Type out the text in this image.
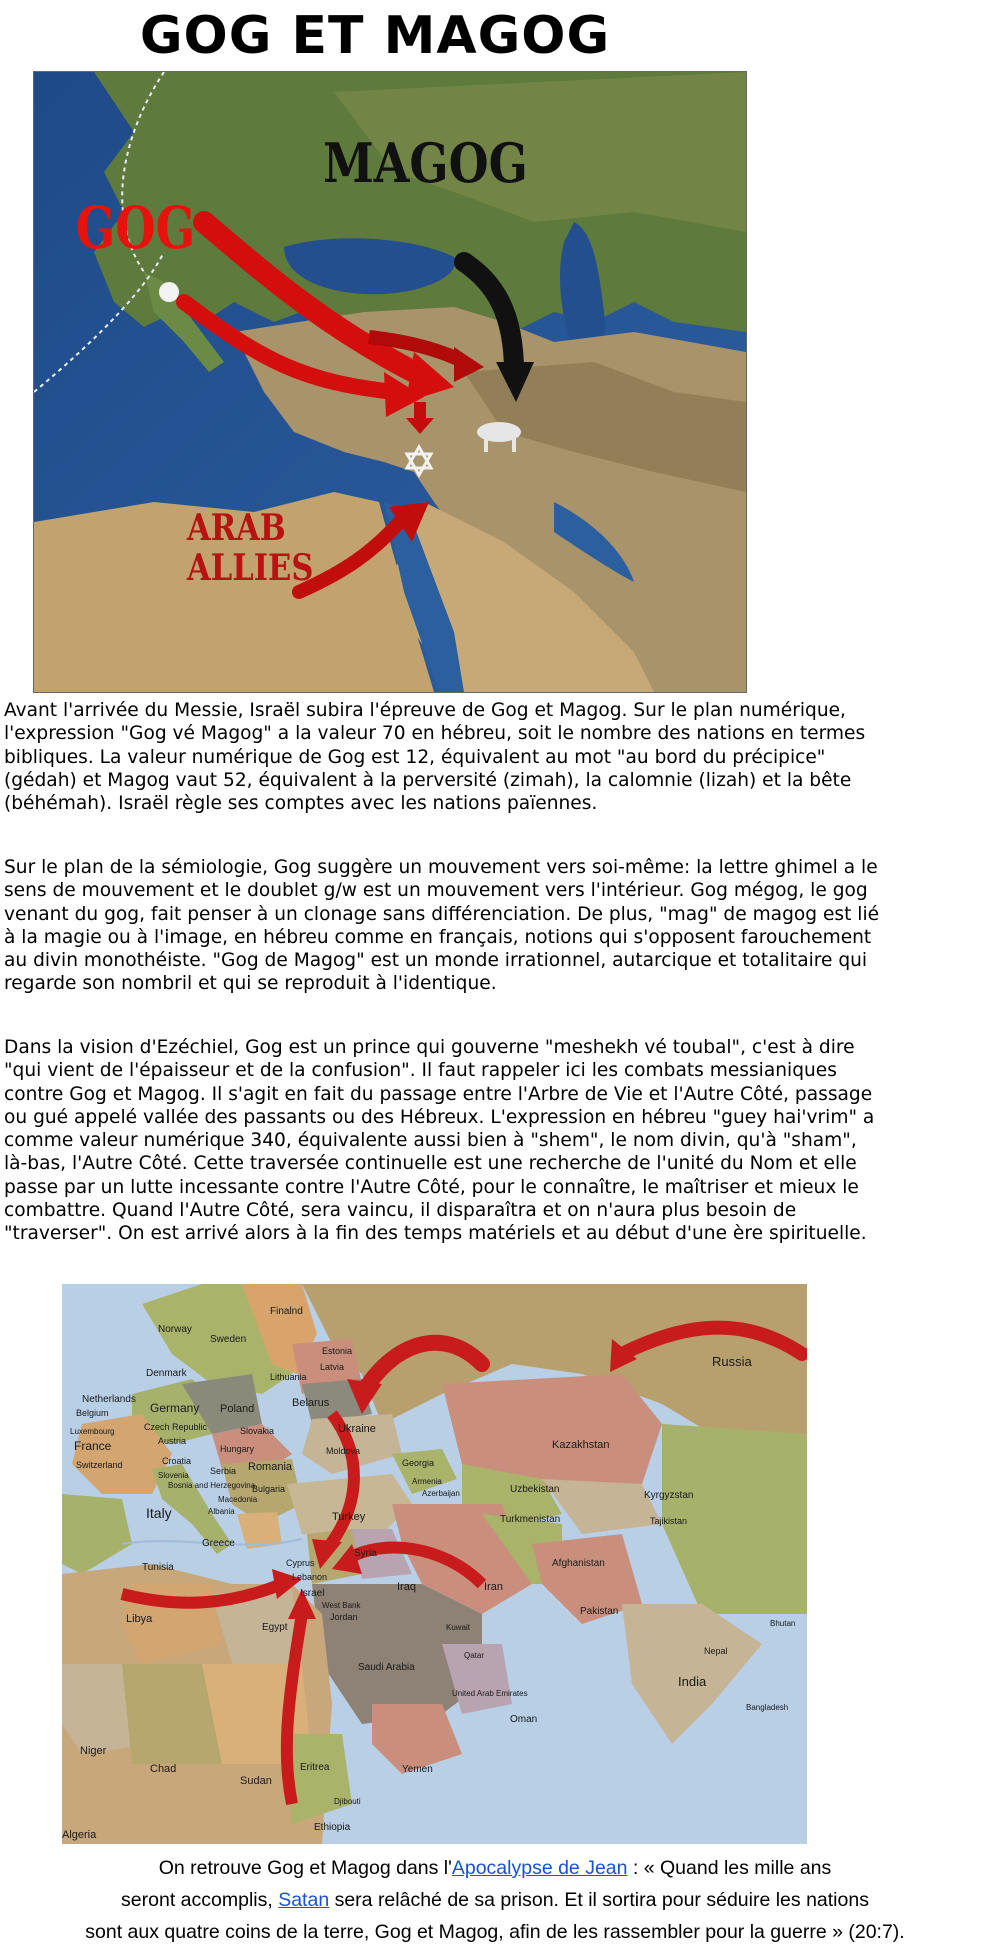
GOG ET MAGOG
GOG
MAGOG
ARAB
ALLIES

Avant l'arrivée du Messie, Israël subira l'épreuve de Gog et Magog. Sur le plan numérique, l'expression "Gog vé Magog" a la valeur 70 en hébreu, soit le nombre des nations en termes bibliques. La valeur numérique de Gog est 12, équivalent au mot "au bord du précipice" (gédah) et Magog vaut 52, équivalent à la perversité (zimah), la calomnie (lizah) et la bête (béhémah). Israël règle ses comptes avec les nations païennes.

Sur le plan de la sémiologie, Gog suggère un mouvement vers soi-même: la lettre ghimel a le sens de mouvement et le doublet g/w est un mouvement vers l'intérieur. Gog mégog, le gog venant du gog, fait penser à un clonage sans différenciation. De plus, "mag" de magog est lié à la magie ou à l'image, en hébreu comme en français, notions qui s'opposent farouchement au divin monothéiste. "Gog de Magog" est un monde irrationnel, autarcique et totalitaire qui regarde son nombril et qui se reproduit à l'identique.

Dans la vision d'Ezéchiel, Gog est un prince qui gouverne "meshekh vé toubal", c'est à dire "qui vient de l'épaisseur et de la confusion". Il faut rappeler ici les combats messianiques contre Gog et Magog. Il s'agit en fait du passage entre l'Arbre de Vie et l'Autre Côté, passage ou gué appelé vallée des passants ou des Hébreux. L'expression en hébreu "guey hai'vrim" a comme valeur numérique 340, équivalente aussi bien à "shem", le nom divin, qu'à "sham", là-bas, l'Autre Côté. Cette traversée continuelle est une recherche de l'unité du Nom et elle passe par un lutte incessante contre l'Autre Côté, pour le connaître, le maîtriser et mieux le combattre. Quand l'Autre Côté, sera vaincu, il disparaîtra et on n'aura plus besoin de "traverser". On est arrivé alors à la fin des temps matériels et au début d'une ère spirituelle.

Finalnd
Norway
Sweden
Estonia
Latvia
Denmark	Lithuania
Netherlands
Belgium	Germany Poland	Belarus
Luxembourg	Czech Republic
Austria
Slovakia
Hungary
Ukraine
Moldova
France
Switzerland	Croatia
Slovenia
Bosnia and Herzegovina
Serbia Romania
Bulgaria
Macedonia
Albania
Italy
Greece
Turkey
Georgia
Armenia
Azerbaijan
Russia
Kazakhstan
Uzbekistan
Kyrgyzstan
Turkmenistan	Tajikistan
Tunisia	Cyprus
Lebanon
Syria
Israel
West Bank
Jordan
Iraq	Iran
Afghanistan
Pakistan
Libya
Egypt	Kuwait
Qatar
Saudi Arabia
United Arab Emirates
Oman
India
Nepal
Bhutan
Bangladesh
Niger
Chad
Sudan
Eritrea	Yemen
Djibouti
Ethiopia
Algeria

On retrouve Gog et Magog dans l'Apocalypse de Jean : « Quand les mille ans
seront accomplis, Satan sera relâché de sa prison. Et il sortira pour séduire les nations
sont aux quatre coins de la terre, Gog et Magog, afin de les rassembler pour la guerre » (20:7).
